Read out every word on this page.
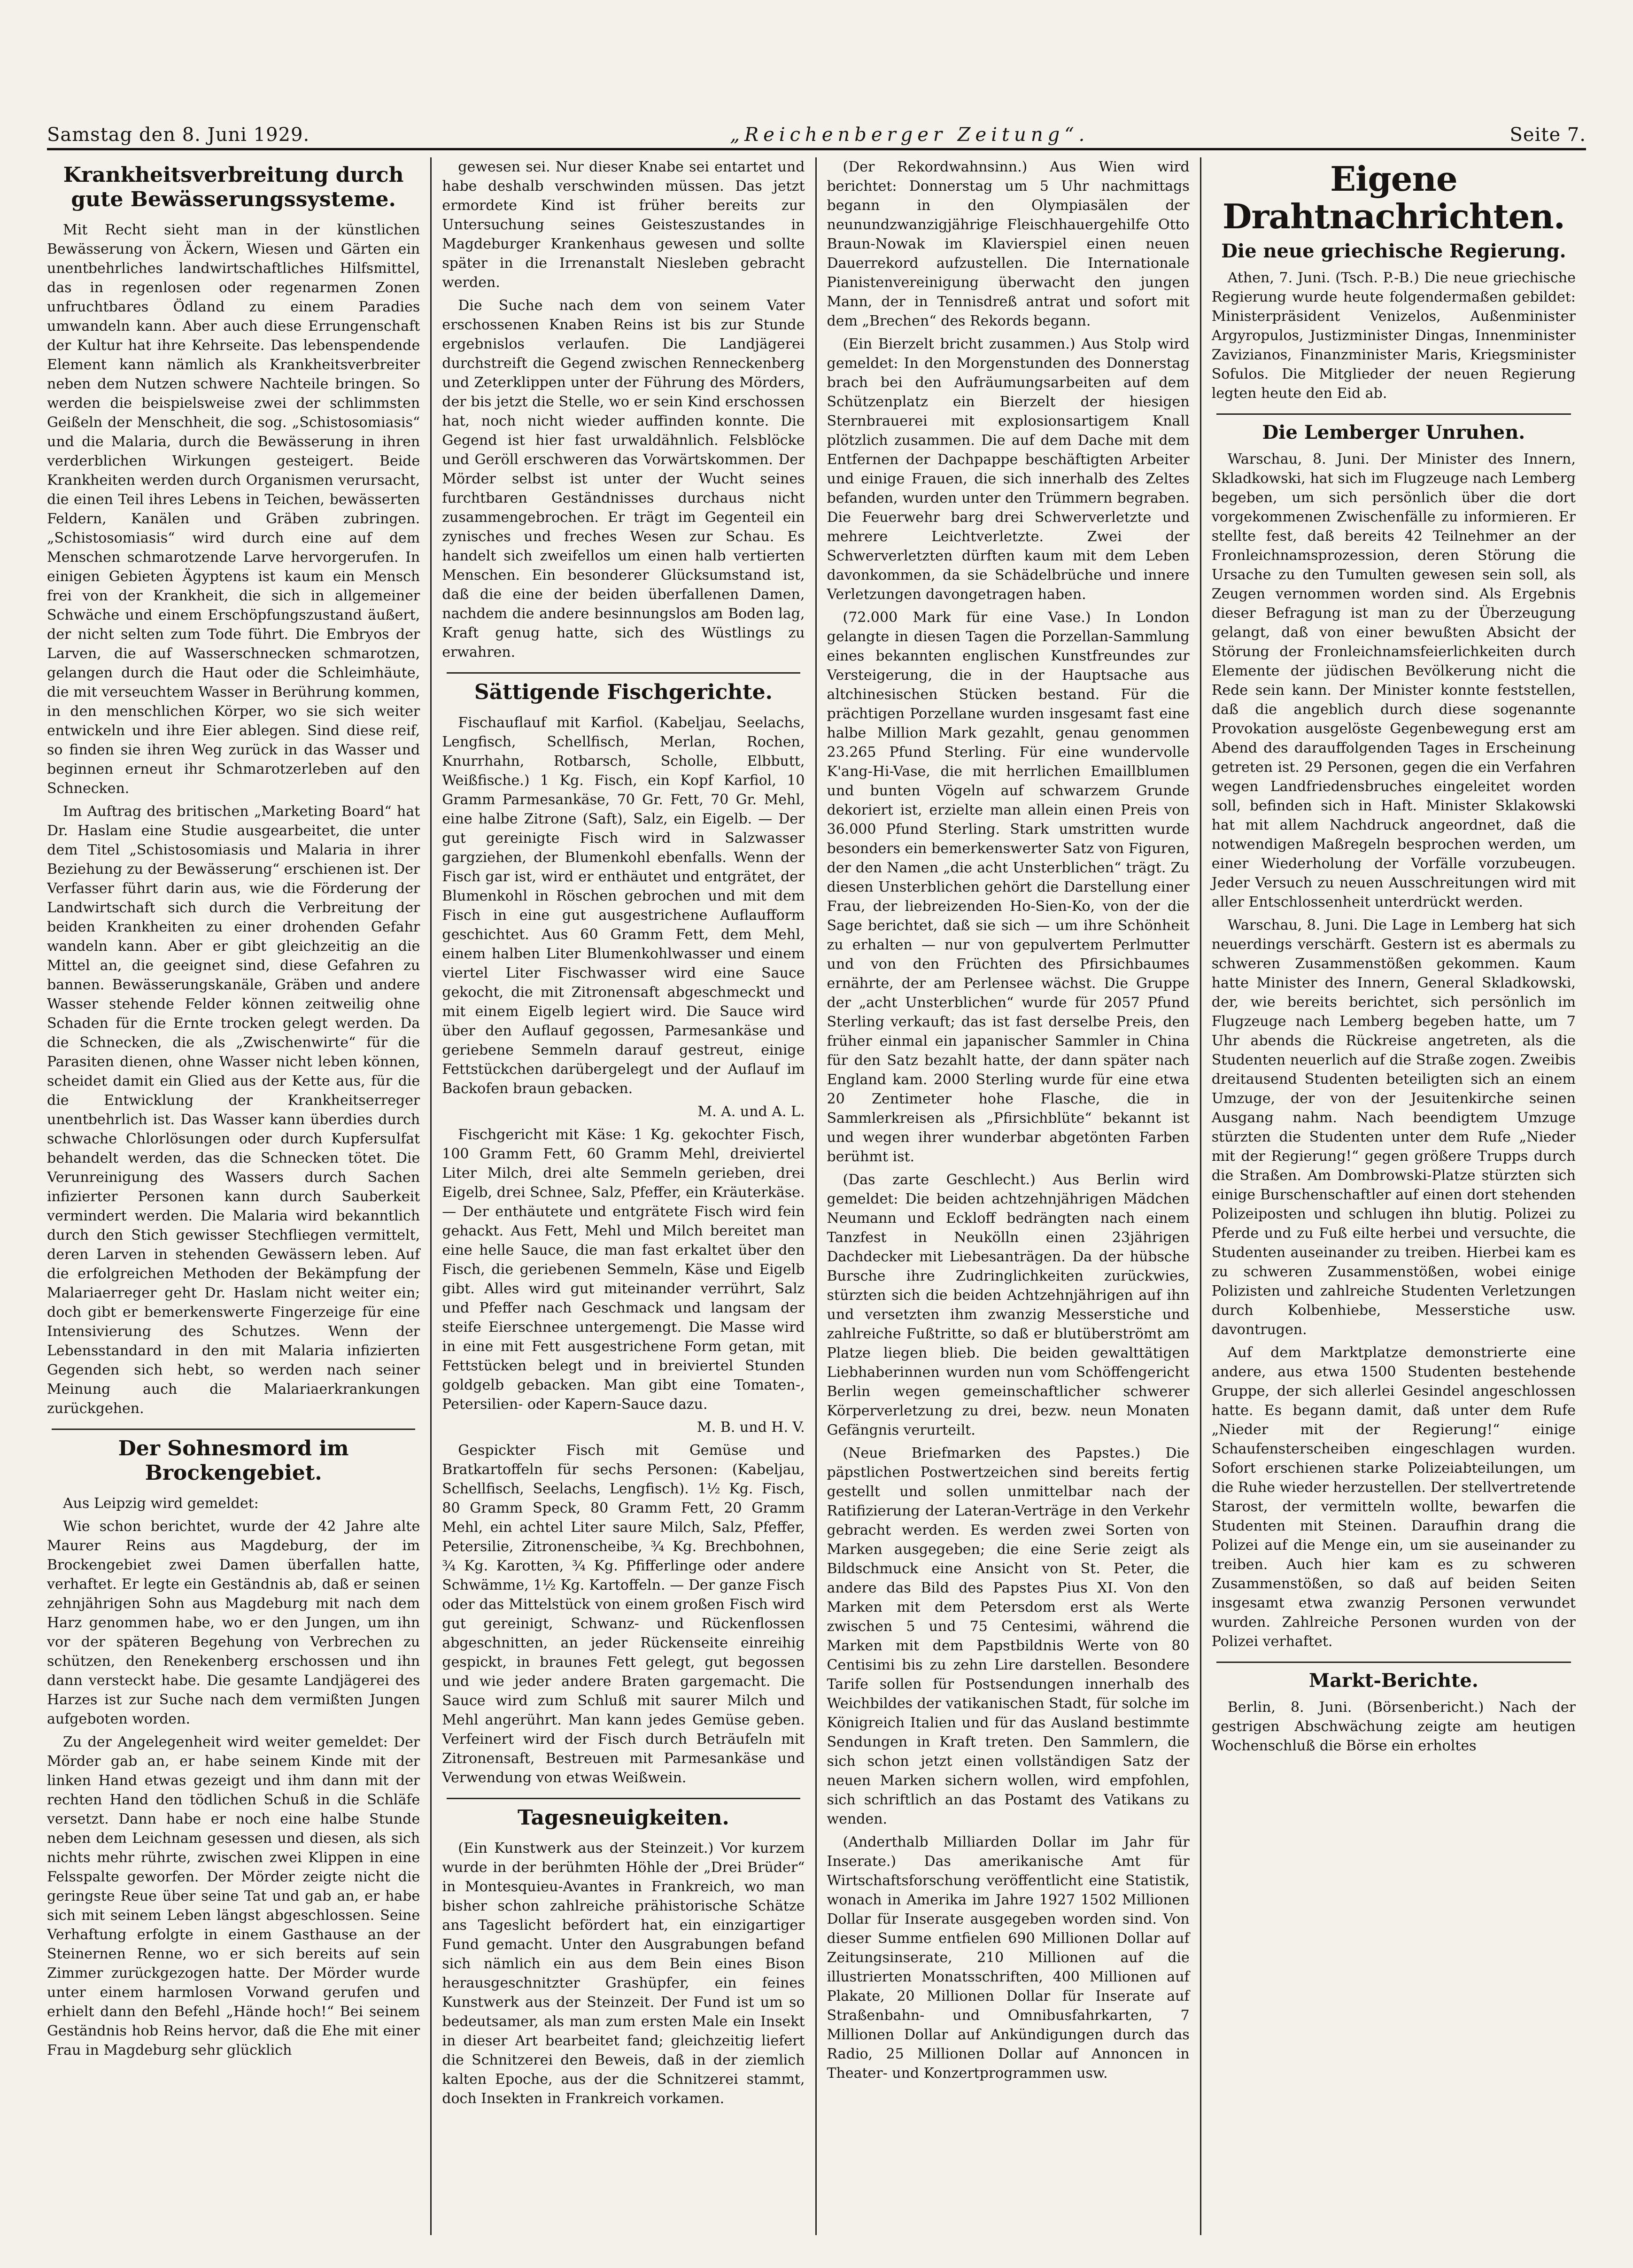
Samstag den 8. Juni 1929.	„Reichenberger Zeitung“.	Seite 7.
Krankheitsverbreitung durch gute Bewässerungssysteme.

Mit Recht sieht man in der künstlichen Bewässerung von Äckern, Wiesen und Gärten ein unentbehrliches landwirtschaftliches Hilfsmittel, das in regenlosen oder regenarmen Zonen unfruchtbares Ödland zu einem Paradies umwandeln kann. Aber auch diese Errungenschaft der Kultur hat ihre Kehrseite. Das lebenspendende Element kann nämlich als Krankheitsverbreiter neben dem Nutzen schwere Nachteile bringen. So werden die beispielsweise zwei der schlimmsten Geißeln der Menschheit, die sog. „Schistosomiasis“ und die Malaria, durch die Bewässerung in ihren verderblichen Wirkungen gesteigert. Beide Krankheiten werden durch Organismen verursacht, die einen Teil ihres Lebens in Teichen, bewässerten Feldern, Kanälen und Gräben zubringen. „Schistosomiasis“ wird durch eine auf dem Menschen schmarotzende Larve hervorgerufen. In einigen Gebieten Ägyptens ist kaum ein Mensch frei von der Krankheit, die sich in allgemeiner Schwäche und einem Erschöpfungszustand äußert, der nicht selten zum Tode führt. Die Embryos der Larven, die auf Wasserschnecken schmarotzen, gelangen durch die Haut oder die Schleimhäute, die mit verseuchtem Wasser in Berührung kommen, in den menschlichen Körper, wo sie sich weiter entwickeln und ihre Eier ablegen. Sind diese reif, so finden sie ihren Weg zurück in das Wasser und beginnen erneut ihr Schmarotzerleben auf den Schnecken.

Im Auftrag des britischen „Marketing Board“ hat Dr. Haslam eine Studie ausgearbeitet, die unter dem Titel „Schistosomiasis und Malaria in ihrer Beziehung zu der Bewässerung“ erschienen ist. Der Verfasser führt darin aus, wie die Förderung der Landwirtschaft sich durch die Verbreitung der beiden Krankheiten zu einer drohenden Gefahr wandeln kann. Aber er gibt gleichzeitig an die Mittel an, die geeignet sind, diese Gefahren zu bannen. Bewässerungskanäle, Gräben und andere Wasser stehende Felder können zeitweilig ohne Schaden für die Ernte trocken gelegt werden. Da die Schnecken, die als „Zwischenwirte“ für die Parasiten dienen, ohne Wasser nicht leben können, scheidet damit ein Glied aus der Kette aus, für die die Entwicklung der Krankheitserreger unentbehrlich ist. Das Wasser kann überdies durch schwache Chlorlösungen oder durch Kupfersulfat behandelt werden, das die Schnecken tötet. Die Verunreinigung des Wassers durch Sachen infizierter Personen kann durch Sauberkeit vermindert werden. Die Malaria wird bekanntlich durch den Stich gewisser Stechfliegen vermittelt, deren Larven in stehenden Gewässern leben. Auf die erfolgreichen Methoden der Bekämpfung der Malariaerreger geht Dr. Haslam nicht weiter ein; doch gibt er bemerkenswerte Fingerzeige für eine Intensivierung des Schutzes. Wenn der Lebensstandard in den mit Malaria infizierten Gegenden sich hebt, so werden nach seiner Meinung auch die Malariaerkrankungen zurückgehen.

Der Sohnesmord im Brockengebiet.

Aus Leipzig wird gemeldet:

Wie schon berichtet, wurde der 42 Jahre alte Maurer Reins aus Magdeburg, der im Brockengebiet zwei Damen überfallen hatte, verhaftet. Er legte ein Geständnis ab, daß er seinen zehnjährigen Sohn aus Magdeburg mit nach dem Harz genommen habe, wo er den Jungen, um ihn vor der späteren Begehung von Verbrechen zu schützen, den Renekenberg erschossen und ihn dann versteckt habe. Die gesamte Landjägerei des Harzes ist zur Suche nach dem vermißten Jungen aufgeboten worden.

Zu der Angelegenheit wird weiter gemeldet: Der Mörder gab an, er habe seinem Kinde mit der linken Hand etwas gezeigt und ihm dann mit der rechten Hand den tödlichen Schuß in die Schläfe versetzt. Dann habe er noch eine halbe Stunde neben dem Leichnam gesessen und diesen, als sich nichts mehr rührte, zwischen zwei Klippen in eine Felsspalte geworfen. Der Mörder zeigte nicht die geringste Reue über seine Tat und gab an, er habe sich mit seinem Leben längst abgeschlossen. Seine Verhaftung erfolgte in einem Gasthause an der Steinernen Renne, wo er sich bereits auf sein Zimmer zurückgezogen hatte. Der Mörder wurde unter einem harmlosen Vorwand gerufen und erhielt dann den Befehl „Hände hoch!“ Bei seinem Geständnis hob Reins hervor, daß die Ehe mit einer Frau in Magdeburg sehr glücklich

gewesen sei. Nur dieser Knabe sei entartet und habe deshalb verschwinden müssen. Das jetzt ermordete Kind ist früher bereits zur Untersuchung seines Geisteszustandes in Magdeburger Krankenhaus gewesen und sollte später in die Irrenanstalt Niesleben gebracht werden.

Die Suche nach dem von seinem Vater erschossenen Knaben Reins ist bis zur Stunde ergebnislos verlaufen. Die Landjägerei durchstreift die Gegend zwischen Renneckenberg und Zeterklippen unter der Führung des Mörders, der bis jetzt die Stelle, wo er sein Kind erschossen hat, noch nicht wieder auffinden konnte. Die Gegend ist hier fast urwaldähnlich. Felsblöcke und Geröll erschweren das Vorwärtskommen. Der Mörder selbst ist unter der Wucht seines furchtbaren Geständnisses durchaus nicht zusammengebrochen. Er trägt im Gegenteil ein zynisches und freches Wesen zur Schau. Es handelt sich zweifellos um einen halb vertierten Menschen. Ein besonderer Glücksumstand ist, daß die eine der beiden überfallenen Damen, nachdem die andere besinnungslos am Boden lag, Kraft genug hatte, sich des Wüstlings zu erwahren.

Sättigende Fischgerichte.

Fischauflauf mit Karfiol. (Kabeljau, Seelachs, Lengfisch, Schellfisch, Merlan, Rochen, Knurrhahn, Rotbarsch, Scholle, Elbbutt, Weißfische.) 1 Kg. Fisch, ein Kopf Karfiol, 10 Gramm Parmesankäse, 70 Gr. Fett, 70 Gr. Mehl, eine halbe Zitrone (Saft), Salz, ein Eigelb. — Der gut gereinigte Fisch wird in Salzwasser gargziehen, der Blumenkohl ebenfalls. Wenn der Fisch gar ist, wird er enthäutet und entgrätet, der Blumenkohl in Röschen gebrochen und mit dem Fisch in eine gut ausgestrichene Auflaufform geschichtet. Aus 60 Gramm Fett, dem Mehl, einem halben Liter Blumenkohlwasser und einem viertel Liter Fischwasser wird eine Sauce gekocht, die mit Zitronensaft abgeschmeckt und mit einem Eigelb legiert wird. Die Sauce wird über den Auflauf gegossen, Parmesankäse und geriebene Semmeln darauf gestreut, einige Fettstückchen darübergelegt und der Auflauf im Backofen braun gebacken.

M. A. und A. L.

Fischgericht mit Käse: 1 Kg. gekochter Fisch, 100 Gramm Fett, 60 Gramm Mehl, dreiviertel Liter Milch, drei alte Semmeln gerieben, drei Eigelb, drei Schnee, Salz, Pfeffer, ein Kräuterkäse. — Der enthäutete und entgrätete Fisch wird fein gehackt. Aus Fett, Mehl und Milch bereitet man eine helle Sauce, die man fast erkaltet über den Fisch, die geriebenen Semmeln, Käse und Eigelb gibt. Alles wird gut miteinander verrührt, Salz und Pfeffer nach Geschmack und langsam der steife Eierschnee untergemengt. Die Masse wird in eine mit Fett ausgestrichene Form getan, mit Fettstücken belegt und in breiviertel Stunden goldgelb gebacken. Man gibt eine Tomaten-, Petersilien- oder Kapern-Sauce dazu.

M. B. und H. V.

Gespickter Fisch mit Gemüse und Bratkartoffeln für sechs Personen: (Kabeljau, Schellfisch, Seelachs, Lengfisch). 1½ Kg. Fisch, 80 Gramm Speck, 80 Gramm Fett, 20 Gramm Mehl, ein achtel Liter saure Milch, Salz, Pfeffer, Petersilie, Zitronenscheibe, ¾ Kg. Brechbohnen, ¾ Kg. Karotten, ¾ Kg. Pfifferlinge oder andere Schwämme, 1½ Kg. Kartoffeln. — Der ganze Fisch oder das Mittelstück von einem großen Fisch wird gut gereinigt, Schwanz- und Rückenflossen abgeschnitten, an jeder Rückenseite einreihig gespickt, in braunes Fett gelegt, gut begossen und wie jeder andere Braten gargemacht. Die Sauce wird zum Schluß mit saurer Milch und Mehl angerührt. Man kann jedes Gemüse geben. Verfeinert wird der Fisch durch Beträufeln mit Zitronensaft, Bestreuen mit Parmesankäse und Verwendung von etwas Weißwein.

Tagesneuigkeiten.

(Ein Kunstwerk aus der Steinzeit.) Vor kurzem wurde in der berühmten Höhle der „Drei Brüder“ in Montesquieu-Avantes in Frankreich, wo man bisher schon zahlreiche prähistorische Schätze ans Tageslicht befördert hat, ein einzigartiger Fund gemacht. Unter den Ausgrabungen befand sich nämlich ein aus dem Bein eines Bison herausgeschnitzter Grashüpfer, ein feines Kunstwerk aus der Steinzeit. Der Fund ist um so bedeutsamer, als man zum ersten Male ein Insekt in dieser Art bearbeitet fand; gleichzeitig liefert die Schnitzerei den Beweis, daß in der ziemlich kalten Epoche, aus der die Schnitzerei stammt, doch Insekten in Frankreich vorkamen.

(Der Rekordwahnsinn.) Aus Wien wird berichtet: Donnerstag um 5 Uhr nachmittags begann in den Olympiasälen der neunundzwanzigjährige Fleischhauergehilfe Otto Braun-Nowak im Klavierspiel einen neuen Dauerrekord aufzustellen. Die Internationale Pianistenvereinigung überwacht den jungen Mann, der in Tennisdreß antrat und sofort mit dem „Brechen“ des Rekords begann.

(Ein Bierzelt bricht zusammen.) Aus Stolp wird gemeldet: In den Morgenstunden des Donnerstag brach bei den Aufräumungsarbeiten auf dem Schützenplatz ein Bierzelt der hiesigen Sternbrauerei mit explosionsartigem Knall plötzlich zusammen. Die auf dem Dache mit dem Entfernen der Dachpappe beschäftigten Arbeiter und einige Frauen, die sich innerhalb des Zeltes befanden, wurden unter den Trümmern begraben. Die Feuerwehr barg drei Schwerverletzte und mehrere Leichtverletzte. Zwei der Schwerverletzten dürften kaum mit dem Leben davonkommen, da sie Schädelbrüche und innere Verletzungen davongetragen haben.

(72.000 Mark für eine Vase.) In London gelangte in diesen Tagen die Porzellan-Sammlung eines bekannten englischen Kunstfreundes zur Versteigerung, die in der Hauptsache aus altchinesischen Stücken bestand. Für die prächtigen Porzellane wurden insgesamt fast eine halbe Million Mark gezahlt, genau genommen 23.265 Pfund Sterling. Für eine wundervolle K'ang-Hi-Vase, die mit herrlichen Emaillblumen und bunten Vögeln auf schwarzem Grunde dekoriert ist, erzielte man allein einen Preis von 36.000 Pfund Sterling. Stark umstritten wurde besonders ein bemerkenswerter Satz von Figuren, der den Namen „die acht Unsterblichen“ trägt. Zu diesen Unsterblichen gehört die Darstellung einer Frau, der liebreizenden Ho-Sien-Ko, von der die Sage berichtet, daß sie sich — um ihre Schönheit zu erhalten — nur von gepulvertem Perlmutter und von den Früchten des Pfirsichbaumes ernährte, der am Perlensee wächst. Die Gruppe der „acht Unsterblichen“ wurde für 2057 Pfund Sterling verkauft; das ist fast derselbe Preis, den früher einmal ein japanischer Sammler in China für den Satz bezahlt hatte, der dann später nach England kam. 2000 Sterling wurde für eine etwa 20 Zentimeter hohe Flasche, die in Sammlerkreisen als „Pfirsichblüte“ bekannt ist und wegen ihrer wunderbar abgetönten Farben berühmt ist.

(Das zarte Geschlecht.) Aus Berlin wird gemeldet: Die beiden achtzehnjährigen Mädchen Neumann und Eckloff bedrängten nach einem Tanzfest in Neukölln einen 23jährigen Dachdecker mit Liebesanträgen. Da der hübsche Bursche ihre Zudringlichkeiten zurückwies, stürzten sich die beiden Achtzehnjährigen auf ihn und versetzten ihm zwanzig Messerstiche und zahlreiche Fußtritte, so daß er blutüberströmt am Platze liegen blieb. Die beiden gewalttätigen Liebhaberinnen wurden nun vom Schöffengericht Berlin wegen gemeinschaftlicher schwerer Körperverletzung zu drei, bezw. neun Monaten Gefängnis verurteilt.

(Neue Briefmarken des Papstes.) Die päpstlichen Postwertzeichen sind bereits fertig gestellt und sollen unmittelbar nach der Ratifizierung der Lateran-Verträge in den Verkehr gebracht werden. Es werden zwei Sorten von Marken ausgegeben; die eine Serie zeigt als Bildschmuck eine Ansicht von St. Peter, die andere das Bild des Papstes Pius XI. Von den Marken mit dem Petersdom erst als Werte zwischen 5 und 75 Centesimi, während die Marken mit dem Papstbildnis Werte von 80 Centisimi bis zu zehn Lire darstellen. Besondere Tarife sollen für Postsendungen innerhalb des Weichbildes der vatikanischen Stadt, für solche im Königreich Italien und für das Ausland bestimmte Sendungen in Kraft treten. Den Sammlern, die sich schon jetzt einen vollständigen Satz der neuen Marken sichern wollen, wird empfohlen, sich schriftlich an das Postamt des Vatikans zu wenden.

(Anderthalb Milliarden Dollar im Jahr für Inserate.) Das amerikanische Amt für Wirtschaftsforschung veröffentlicht eine Statistik, wonach in Amerika im Jahre 1927 1502 Millionen Dollar für Inserate ausgegeben worden sind. Von dieser Summe entfielen 690 Millionen Dollar auf Zeitungsinserate, 210 Millionen auf die illustrierten Monatsschriften, 400 Millionen auf Plakate, 20 Millionen Dollar für Inserate auf Straßenbahn- und Omnibusfahrkarten, 7 Millionen Dollar auf Ankündigungen durch das Radio, 25 Millionen Dollar auf Annoncen in Theater- und Konzertprogrammen usw.

Eigene Drahtnachrichten.
Die neue griechische Regierung.

Athen, 7. Juni. (Tsch. P.-B.) Die neue griechische Regierung wurde heute folgendermaßen gebildet: Ministerpräsident Venizelos, Außenminister Argyropulos, Justizminister Dingas, Innenminister Zavizianos, Finanzminister Maris, Kriegsminister Sofulos. Die Mitglieder der neuen Regierung legten heute den Eid ab.

Die Lemberger Unruhen.

Warschau, 8. Juni. Der Minister des Innern, Skladkowski, hat sich im Flugzeuge nach Lemberg begeben, um sich persönlich über die dort vorgekommenen Zwischenfälle zu informieren. Er stellte fest, daß bereits 42 Teilnehmer an der Fronleichnamsprozession, deren Störung die Ursache zu den Tumulten gewesen sein soll, als Zeugen vernommen worden sind. Als Ergebnis dieser Befragung ist man zu der Überzeugung gelangt, daß von einer bewußten Absicht der Störung der Fronleichnamsfeierlichkeiten durch Elemente der jüdischen Bevölkerung nicht die Rede sein kann. Der Minister konnte feststellen, daß die angeblich durch diese sogenannte Provokation ausgelöste Gegenbewegung erst am Abend des darauffolgenden Tages in Erscheinung getreten ist. 29 Personen, gegen die ein Verfahren wegen Landfriedensbruches eingeleitet worden soll, befinden sich in Haft. Minister Sklakowski hat mit allem Nachdruck angeordnet, daß die notwendigen Maßregeln besprochen werden, um einer Wiederholung der Vorfälle vorzubeugen. Jeder Versuch zu neuen Ausschreitungen wird mit aller Entschlossenheit unterdrückt werden.

Warschau, 8. Juni. Die Lage in Lemberg hat sich neuerdings verschärft. Gestern ist es abermals zu schweren Zusammenstößen gekommen. Kaum hatte Minister des Innern, General Skladkowski, der, wie bereits berichtet, sich persönlich im Flugzeuge nach Lemberg begeben hatte, um 7 Uhr abends die Rückreise angetreten, als die Studenten neuerlich auf die Straße zogen. Zweibis dreitausend Studenten beteiligten sich an einem Umzuge, der von der Jesuitenkirche seinen Ausgang nahm. Nach beendigtem Umzuge stürzten die Studenten unter dem Rufe „Nieder mit der Regierung!“ gegen größere Trupps durch die Straßen. Am Dombrowski-Platze stürzten sich einige Burschenschaftler auf einen dort stehenden Polizeiposten und schlugen ihn blutig. Polizei zu Pferde und zu Fuß eilte herbei und versuchte, die Studenten auseinander zu treiben. Hierbei kam es zu schweren Zusammenstößen, wobei einige Polizisten und zahlreiche Studenten Verletzungen durch Kolbenhiebe, Messerstiche usw. davontrugen.

Auf dem Marktplatze demonstrierte eine andere, aus etwa 1500 Studenten bestehende Gruppe, der sich allerlei Gesindel angeschlossen hatte. Es begann damit, daß unter dem Rufe „Nieder mit der Regierung!“ einige Schaufensterscheiben eingeschlagen wurden. Sofort erschienen starke Polizeiabteilungen, um die Ruhe wieder herzustellen. Der stellvertretende Starost, der vermitteln wollte, bewarfen die Studenten mit Steinen. Daraufhin drang die Polizei auf die Menge ein, um sie auseinander zu treiben. Auch hier kam es zu schweren Zusammenstößen, so daß auf beiden Seiten insgesamt etwa zwanzig Personen verwundet wurden. Zahlreiche Personen wurden von der Polizei verhaftet.

Markt-Berichte.

Berlin, 8. Juni. (Börsenbericht.) Nach der gestrigen Abschwächung zeigte am heutigen Wochenschluß die Börse ein erholtes
